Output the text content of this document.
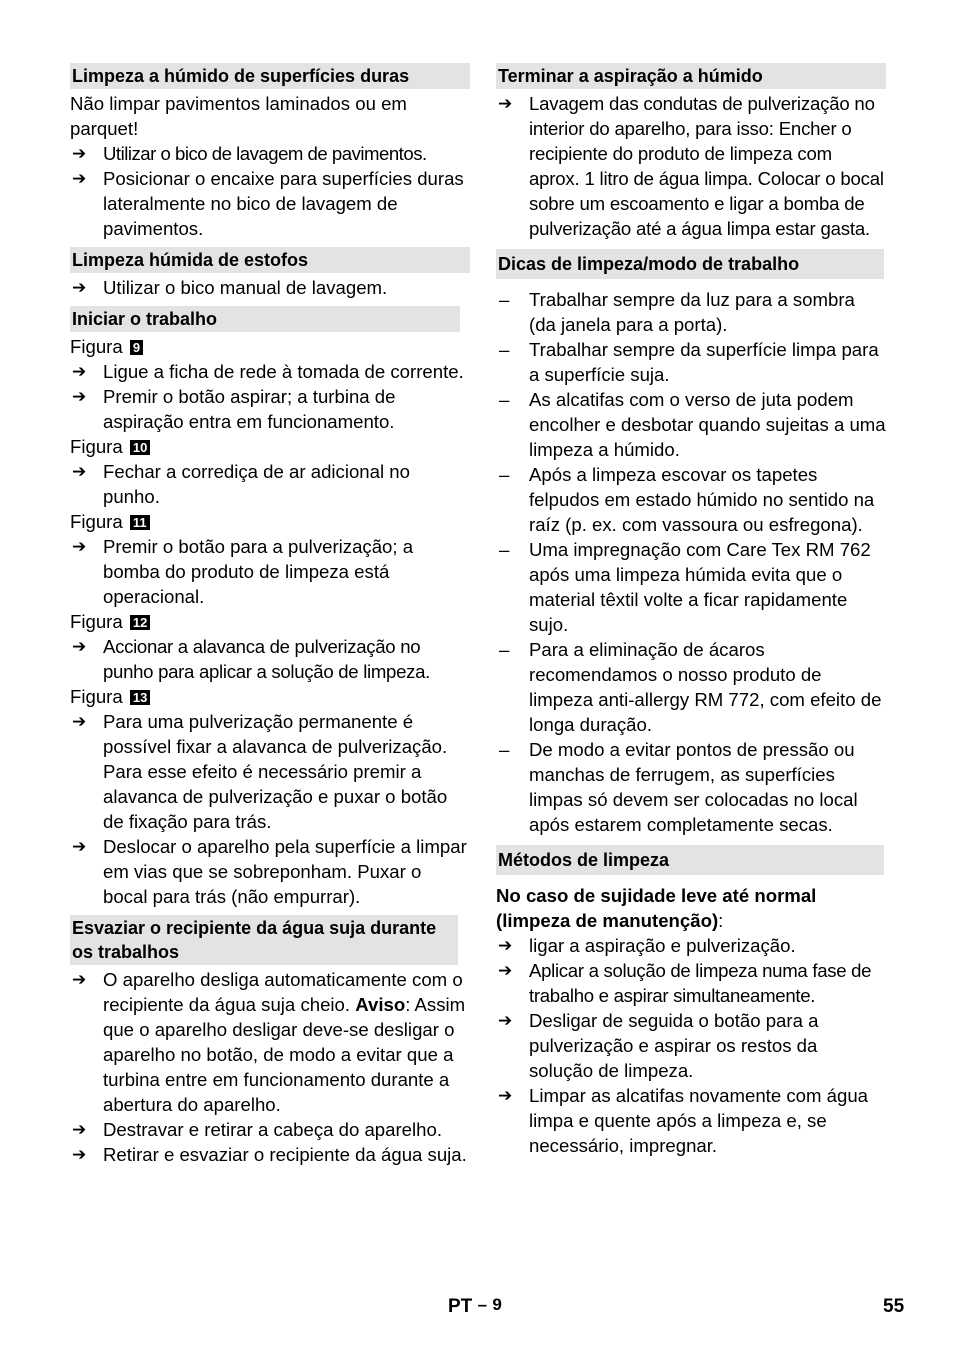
Limpeza a húmido de superfícies duras

Não limpar pavimentos laminados ou em parquet!

➔ Utilizar o bico de lavagem de pavimentos.
➔ Posicionar o encaixe para superfícies duras lateralmente no bico de lavagem de pavimentos.
Limpeza húmida de estofos
➔ Utilizar o bico manual de lavagem.
Iniciar o trabalho
Figura 9
➔ Ligue a ficha de rede à tomada de corrente.
➔ Premir o botão aspirar; a turbina de aspiração entra em funcionamento.
Figura 10
➔ Fechar a corrediça de ar adicional no punho.
Figura 11
➔ Premir o botão para a pulverização; a bomba do produto de limpeza está operacional.
Figura 12
➔ Accionar a alavanca de pulverização no punho para aplicar a solução de limpeza.
Figura 13
➔ Para uma pulverização permanente é possível fixar a alavanca de pulverização. Para esse efeito é necessário premir a alavanca de pulverização e puxar o botão de fixação para trás.
➔ Deslocar o aparelho pela superfície a limpar em vias que se sobreponham. Puxar o bocal para trás (não empurrar).
Esvaziar o recipiente da água suja durante os trabalhos
➔ O aparelho desliga automaticamente com o recipiente da água suja cheio. Aviso: Assim que o aparelho desligar deve-se desligar o aparelho no botão, de modo a evitar que a turbina entre em funcionamento durante a abertura do aparelho.
➔ Destravar e retirar a cabeça do aparelho.
➔ Retirar e esvaziar o recipiente da água suja.
Terminar a aspiração a húmido
➔ Lavagem das condutas de pulverização no interior do aparelho, para isso: Encher o recipiente do produto de limpeza com aprox. 1 litro de água limpa. Colocar o bocal sobre um escoamento e ligar a bomba de pulverização até a água limpa estar gasta.
Dicas de limpeza/modo de trabalho
–	Trabalhar sempre da luz para a sombra (da janela para a porta).
–	Trabalhar sempre da superfície limpa para a superfície suja.
–	As alcatifas com o verso de juta podem encolher e desbotar quando sujeitas a uma limpeza a húmido.
–	Após a limpeza escovar os tapetes felpudos em estado húmido no sentido na raíz (p. ex. com vassoura ou esfregona).
–	Uma impregnação com Care Tex RM 762 após uma limpeza húmida evita que o material têxtil volte a ficar rapidamente sujo.
–	Para a eliminação de ácaros recomendamos o nosso produto de limpeza anti-allergy RM 772, com efeito de longa duração.
–	De modo a evitar pontos de pressão ou manchas de ferrugem, as superfícies limpas só devem ser colocadas no local após estarem completamente secas.
Métodos de limpeza
No caso de sujidade leve até normal (limpeza de manutenção):
➔ ligar a aspiração e pulverização.
➔ Aplicar a solução de limpeza numa fase de trabalho e aspirar simultaneamente.
➔ Desligar de seguida o botão para a pulverização e aspirar os restos da solução de limpeza.
➔ Limpar as alcatifas novamente com água limpa e quente após a limpeza e, se necessário, impregnar.
PT – 9	55
